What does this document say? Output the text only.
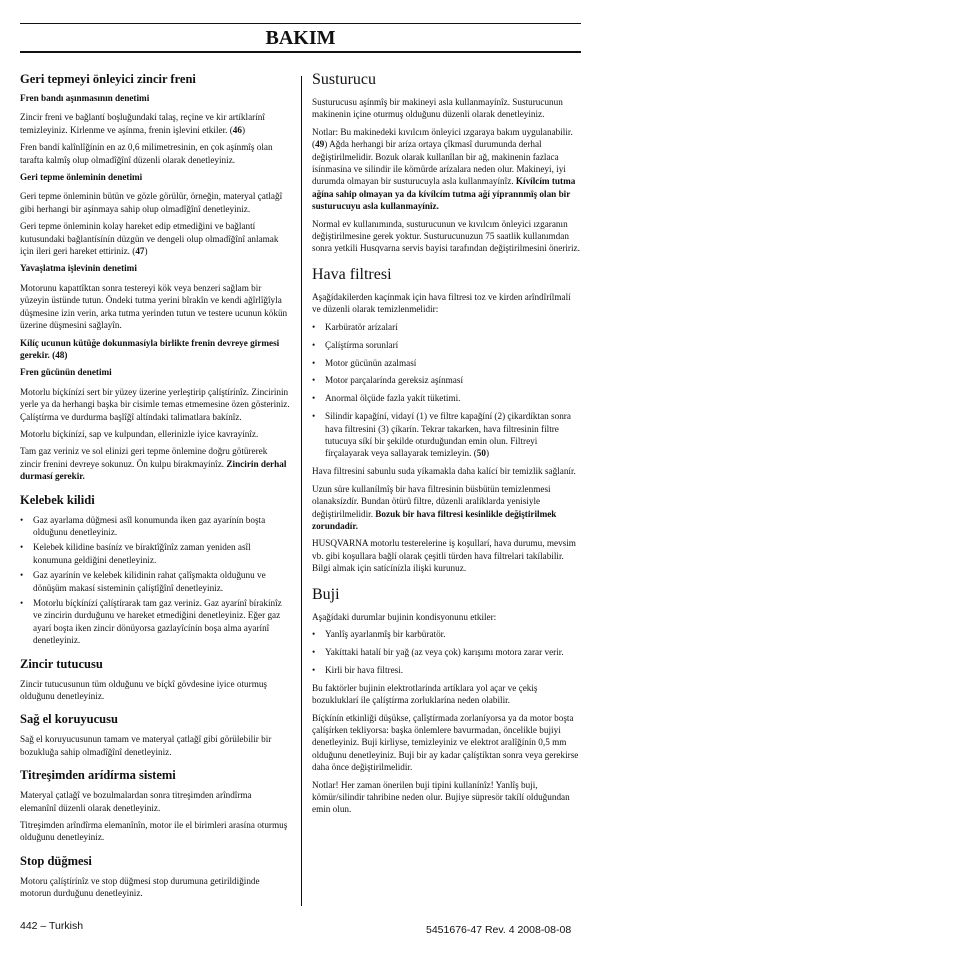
BAKIM
Geri tepmeyi önleyici zincir freni
Fren bandı aşınmasının denetimi

Zincir freni ve bağlantí boşluğundaki talaş, reçine ve kir artíklarínî temizleyiniz. Kirlenme ve aşínma, frenin işlevini etkiler. (46)

Fren bandí kalînlîğínín en az 0,6 milimetresinin, en çok aşínmîş olan tarafta kalmîş olup olmadîğînî düzenli olarak denetleyiniz.

Geri tepme önleminin denetimi

Geri tepme önleminin bütün ve gözle görülür, örneğin, materyal çatlağî gibi herhangi bir aşínmaya sahip olup olmadîğînî denetleyiniz.

Geri tepme önleminin kolay hareket edip etmediğini ve bağlantí kutusundaki bağlantísínín düzgün ve dengeli olup olmadîğînî anlamak için ileri geri hareket ettiriniz. (47)

Yavaşlatma işlevinin denetimi

Motorunu kapattîktan sonra testereyi kök veya benzeri sağlam bir yüzeyin üstünde tutun. Öndeki tutma yerini bîrakîn ve kendi ağîrlîğîyla düşmesine izin verin, arka tutma yerinden tutun ve testere ucunun kökün üzerine düşmesini sağlayîn.

Kílíç ucunun kütüğe dokunmasíyla birlikte frenin devreye girmesi gerekir. (48)

Fren gücünün denetimi

Motorlu bíçkínízí sert bir yüzey üzerine yerleştirip çalíştírínîz. Zincirinin yerle ya da herhangi başka bir cisimle temas etmemesine özen gösteriniz. Çalíştírma ve durdurma başlîğî altíndaki talimatlara bakínîz.

Motorlu bíçkínízí, sap ve kulpundan, ellerinizle iyice kavrayínîz.

Tam gaz veriniz ve sol elinizi geri tepme önlemine doğru götürerek zincir frenini devreye sokunuz. Ön kulpu bírakmayínîz. Zincirin derhal durmasí gerekir.

Kelebek kilidi
• Gaz ayarlama düğmesi asîl konumunda iken gaz ayarínín boşta olduğunu denetleyiniz.
• Kelebek kilidine basíníz ve bíraktîğînîz zaman yeniden asîl konumuna geldiğini denetleyiniz.
• Gaz ayarínín ve kelebek kilidinin rahat çalîşmakta olduğunu ve dönüşüm makasí sisteminin çalíştîğînî denetleyiniz.
• Motorlu bíçkínízí çalíştírarak tam gaz veriniz. Gaz ayarínî bírakínîz ve zincirin durduğunu ve hareket etmediğini denetleyiniz. Eğer gaz ayarí boşta iken zincir dönüyorsa gazlayîcínín boşa alma ayarínî denetleyiniz.
Zincir tutucusu

Zincir tutucusunun tüm olduğunu ve bíçkî gövdesine iyice oturmuş olduğunu denetleyiniz.

Sağ el koruyucusu

Sağ el koruyucusunun tamam ve materyal çatlağî gibi görülebilir bir bozukluğa sahip olmadîğînî denetleyiniz.

Titreşimden arídírma sistemi

Materyal çatlağî ve bozulmalardan sonra titreşimden arîndîrma elemanînî düzenli olarak denetleyiniz.

Titreşimden arîndîrma elemanînîn, motor ile el birimleri arasína oturmuş olduğunu denetleyiniz.

Stop düğmesi

Motoru çalíştírínîz ve stop düğmesi stop durumuna getirildiğinde motorun durduğunu denetleyiniz.

Susturucu

Susturucusu aşínmîş bir makineyi asla kullanmayínîz. Susturucunun makinenin içine oturmuş olduğunu düzenli olarak denetleyiniz.

Notlar: Bu makinedeki kıvılcım önleyici ızgaraya bakım uygulanabilir. (49) Ağda herhangi bir aríza ortaya çîkmasî durumunda derhal değiştirilmelidir. Bozuk olarak kullanîlan bir ağ, makinenin fazlaca ísínmasína ve silindir ile kömürde arízalara neden olur. Makineyi, iyi durumda olmayan bir susturucuyla asla kullanmayínîz. Kívílcím tutma ağína sahip olmayan ya da kívílcím tutma ağí yíprannmîş olan bir susturucuyu asla kullanmayínîz.

Normal ev kullanımında, susturucunun ve kıvılcım önleyici ızgaranın değiştirilmesine gerek yoktur. Susturucunuzun 75 saatlik kullanımdan sonra yetkili Husqvarna servis bayisi tarafından değiştirilmesini öneririz.

Hava filtresi

Aşağídakilerden kaçínmak için hava filtresi toz ve kirden arîndîrílmalí ve düzenli olarak temizlenmelidir:

• Karbüratör arízalarí
• Çalíştírma sorunlarí
• Motor gücünün azalmasí
• Motor parçalarínda gereksiz aşínmasí
• Anormal ölçüde fazla yakít tüketimi.
• Silindir kapağíní, vidayí (1) ve filtre kapağíní (2) çikardíktan sonra hava filtresini (3) çíkarín. Tekrar takarken, hava filtresinin filtre tutucuya síkí bir şekilde oturduğundan emin olun. Filtreyi fírçalayarak veya sallayarak temizleyin. (50)

Hava filtresini sabunlu suda yíkamakla daha kalící bir temizlik sağlanír.

Uzun süre kullanílmîş bir hava filtresinin büsbütün temizlenmesi olanaksízdír. Bundan ötürü filtre, düzenli aralíklarda yenisiyle değiştirilmelidir. Bozuk bir hava filtresi kesinlikle değiştirilmek zorundadír.

HUSQVARNA motorlu testerelerine iş koşullarí, hava durumu, mevsim vb. gibi koşullara bağlí olarak çeşitli türden hava filtrelari takílabilir. Bilgi almak için satícínízla ilişki kurunuz.

Buji

Aşağídaki durumlar bujinin kondisyonunu etkiler:

• Yanlîş ayarlanmîş bir karbüratör.
• Yakíttaki hatalí bir yağ (az veya çok) karışımı motora zarar verir.
• Kirli bir hava filtresi.

Bu faktörler bujinin elektrotlarínda artíklara yol açar ve çekiş bozukluklarí ile çalíştírma zorluklarína neden olabilir.

Bíçkínín etkinliği düşükse, çalîştírmada zorlaníyorsa ya da motor boşta çalíşírken tekliyorsa: başka önlemlere bavurmadan, öncelikle bujiyi denetleyiniz. Buji kirliyse, temizleyiniz ve elektrot aralîğínín 0,5 mm olduğunu denetleyiniz. Buji bir ay kadar çalíştíktan sonra veya gerekirse daha önce değiştirilmelidir.

Notlar! Her zaman önerilen buji tipini kullanínîz! Yanlîş buji, kömür/silindir tahribine neden olur. Bujiye süpresör takílí olduğundan emin olun.

442 – Turkish	5451676-47 Rev. 4 2008-08-08
